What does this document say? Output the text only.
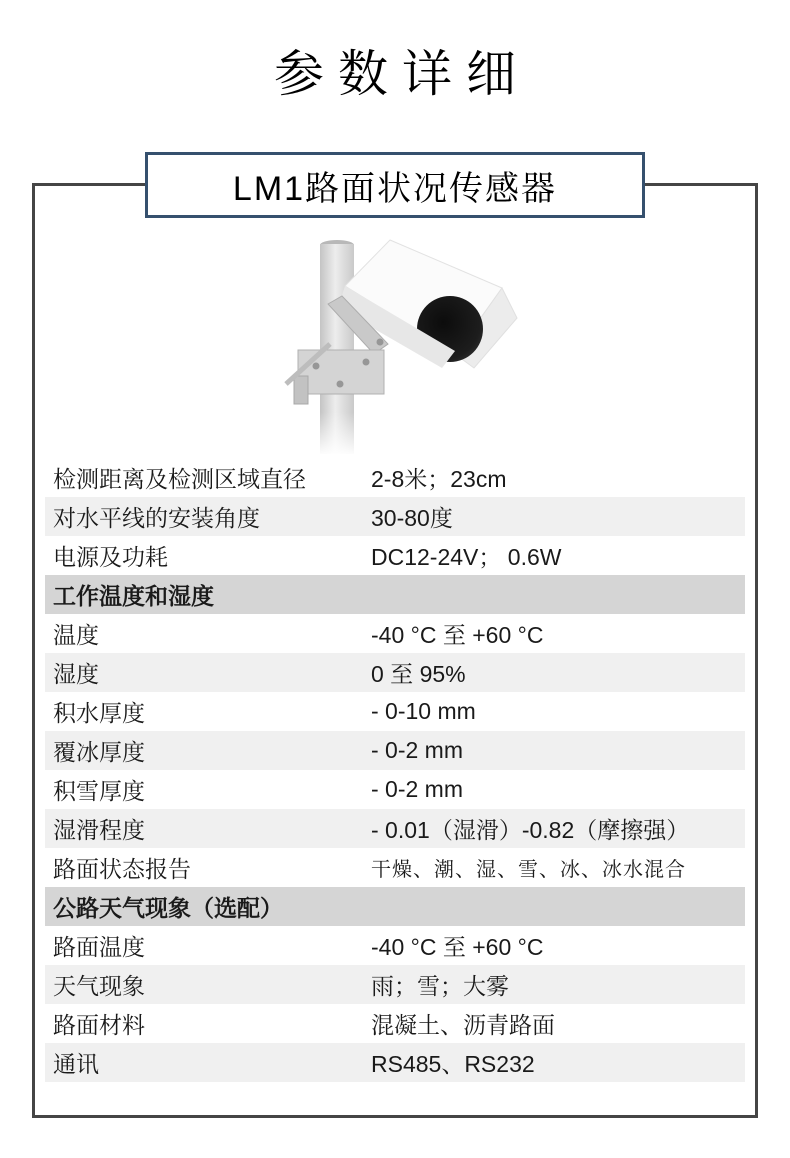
参数详细
LM1路面状况传感器
检测距离及检测区域直径	2-8米；23cm
对水平线的安装角度	30-80度
电源及功耗	DC12-24V； 0.6W
工作温度和湿度
温度	-40 °C 至 +60 °C
湿度	0 至 95%
积水厚度	- 0-10 mm
覆冰厚度	- 0-2 mm
积雪厚度	- 0-2 mm
湿滑程度	- 0.01（湿滑）-0.82（摩擦强）
路面状态报告	干燥、潮、湿、雪、冰、冰水混合
公路天气现象（选配）
路面温度	-40 °C 至 +60 °C
天气现象	雨；雪；大雾
路面材料	混凝土、沥青路面
通讯	RS485、RS232
